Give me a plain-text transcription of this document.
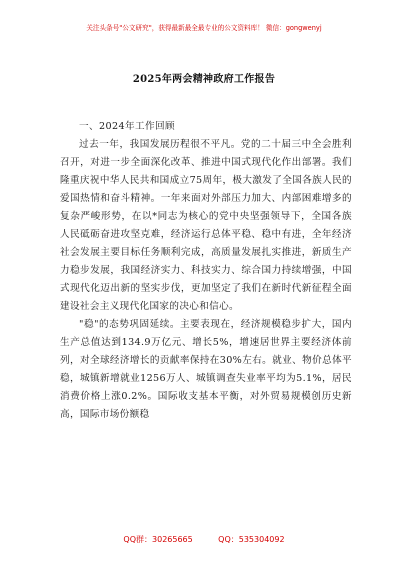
关注头条号"公文研究"，获得最新最全最专业的公文资料库！ 微信：gongwenyj
2025年两会精神政府工作报告

一、2024年工作回顾

过去一年，我国发展历程很不平凡。党的二十届三中全会胜利召开，对进一步全面深化改革、推进中国式现代化作出部署。我们隆重庆祝中华人民共和国成立75周年，极大激发了全国各族人民的爱国热情和奋斗精神。一年来面对外部压力加大、内部困难增多的复杂严峻形势，在以*同志为核心的党中央坚强领导下，全国各族人民砥砺奋进攻坚克难，经济运行总体平稳、稳中有进，全年经济社会发展主要目标任务顺利完成，高质量发展扎实推进，新质生产力稳步发展，我国经济实力、科技实力、综合国力持续增强，中国式现代化迈出新的坚实步伐，更加坚定了我们在新时代新征程全面建设社会主义现代化国家的决心和信心。

"稳"的态势巩固延续。主要表现在，经济规模稳步扩大，国内生产总值达到134.9万亿元、增长5%，增速居世界主要经济体前列，对全球经济增长的贡献率保持在30%左右。就业、物价总体平稳，城镇新增就业1256万人、城镇调查失业率平均为5.1%，居民消费价格上涨0.2%。国际收支基本平衡，对外贸易规模创历史新高，国际市场份额稳

QQ群：30265665          QQ：535304092
